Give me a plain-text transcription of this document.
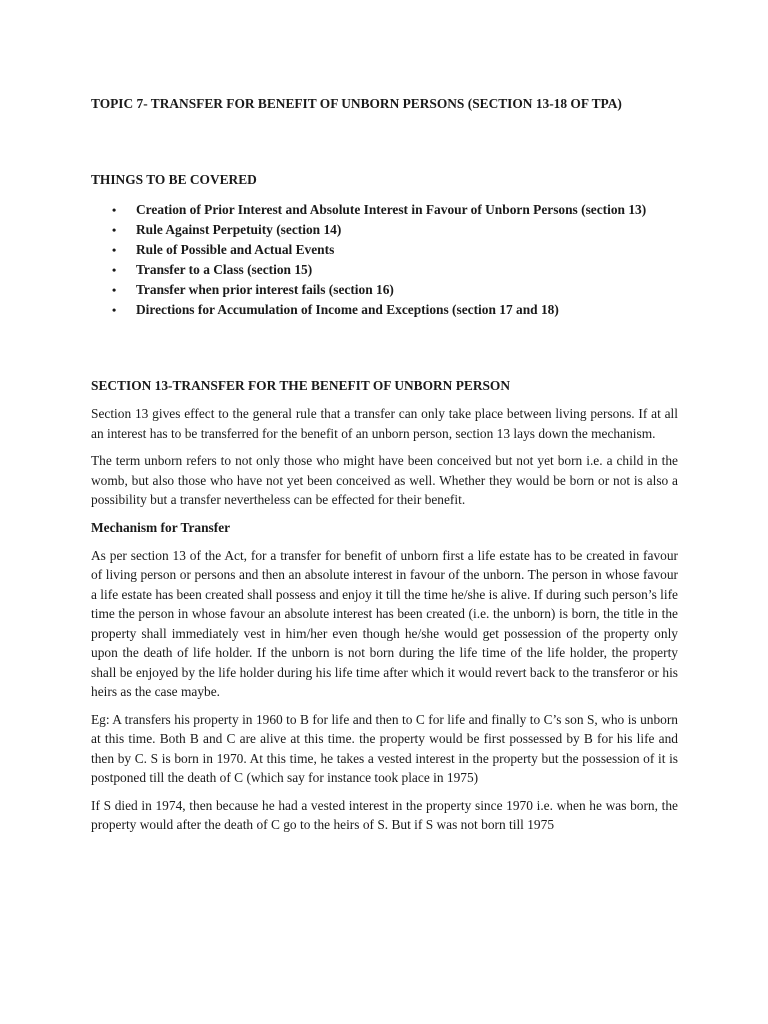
TOPIC 7- TRANSFER FOR BENEFIT OF UNBORN PERSONS (SECTION 13-18 OF TPA)

THINGS TO BE COVERED

• Creation of Prior Interest and Absolute Interest in Favour of Unborn Persons (section 13)
• Rule Against Perpetuity (section 14)
• Rule of Possible and Actual Events
• Transfer to a Class (section 15)
• Transfer when prior interest fails (section 16)
• Directions for Accumulation of Income and Exceptions (section 17 and 18)

SECTION 13-TRANSFER FOR THE BENEFIT OF UNBORN PERSON

Section 13 gives effect to the general rule that a transfer can only take place between living persons. If at all an interest has to be transferred for the benefit of an unborn person, section 13 lays down the mechanism.

The term unborn refers to not only those who might have been conceived but not yet born i.e. a child in the womb, but also those who have not yet been conceived as well. Whether they would be born or not is also a possibility but a transfer nevertheless can be effected for their benefit.

Mechanism for Transfer

As per section 13 of the Act, for a transfer for benefit of unborn first a life estate has to be created in favour of living person or persons and then an absolute interest in favour of the unborn. The person in whose favour a life estate has been created shall possess and enjoy it till the time he/she is alive. If during such person’s life time the person in whose favour an absolute interest has been created (i.e. the unborn) is born, the title in the property shall immediately vest in him/her even though he/she would get possession of the property only upon the death of life holder. If the unborn is not born during the life time of the life holder, the property shall be enjoyed by the life holder during his life time after which it would revert back to the transferor or his heirs as the case maybe.

Eg: A transfers his property in 1960 to B for life and then to C for life and finally to C’s son S, who is unborn at this time. Both B and C are alive at this time. the property would be first possessed by B for his life and then by C. S is born in 1970. At this time, he takes a vested interest in the property but the possession of it is postponed till the death of C (which say for instance took place in 1975)

If S died in 1974, then because he had a vested interest in the property since 1970 i.e. when he was born, the property would after the death of C go to the heirs of S. But if S was not born till 1975
